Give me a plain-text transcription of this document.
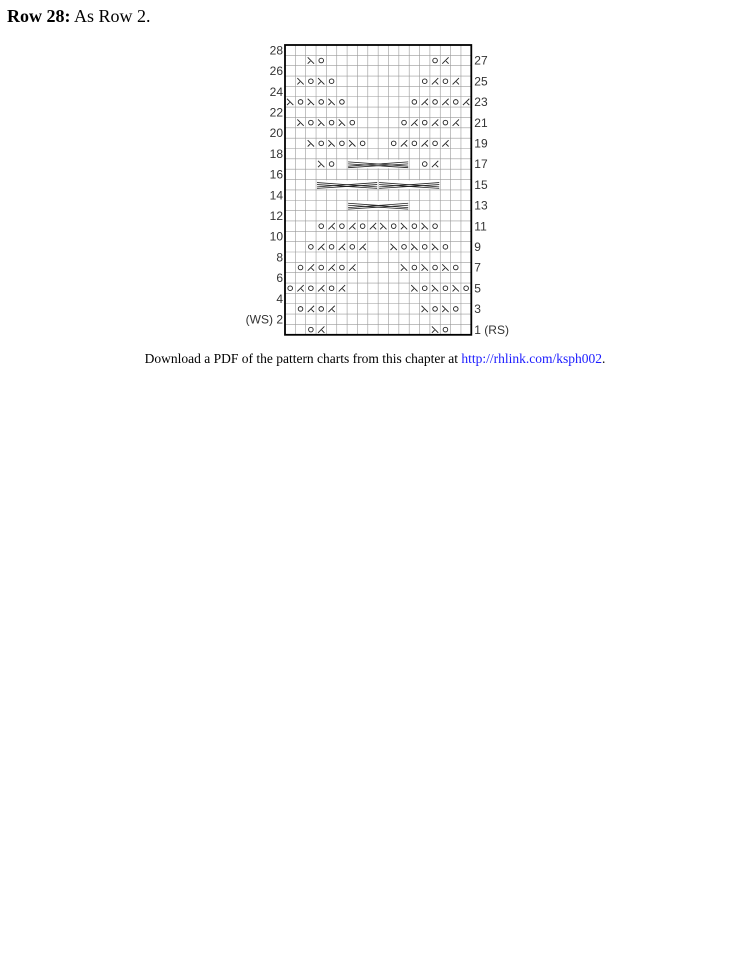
Row 28: As Row 2.
28
26
24
22
20
18
16
14
12
10
8
6
4
(WS) 2
27
25
23
21
19
17
15
13
11
9
7
5
3
1 (RS)
Download a PDF of the pattern charts from this chapter at http://rhlink.com/ksph002.
